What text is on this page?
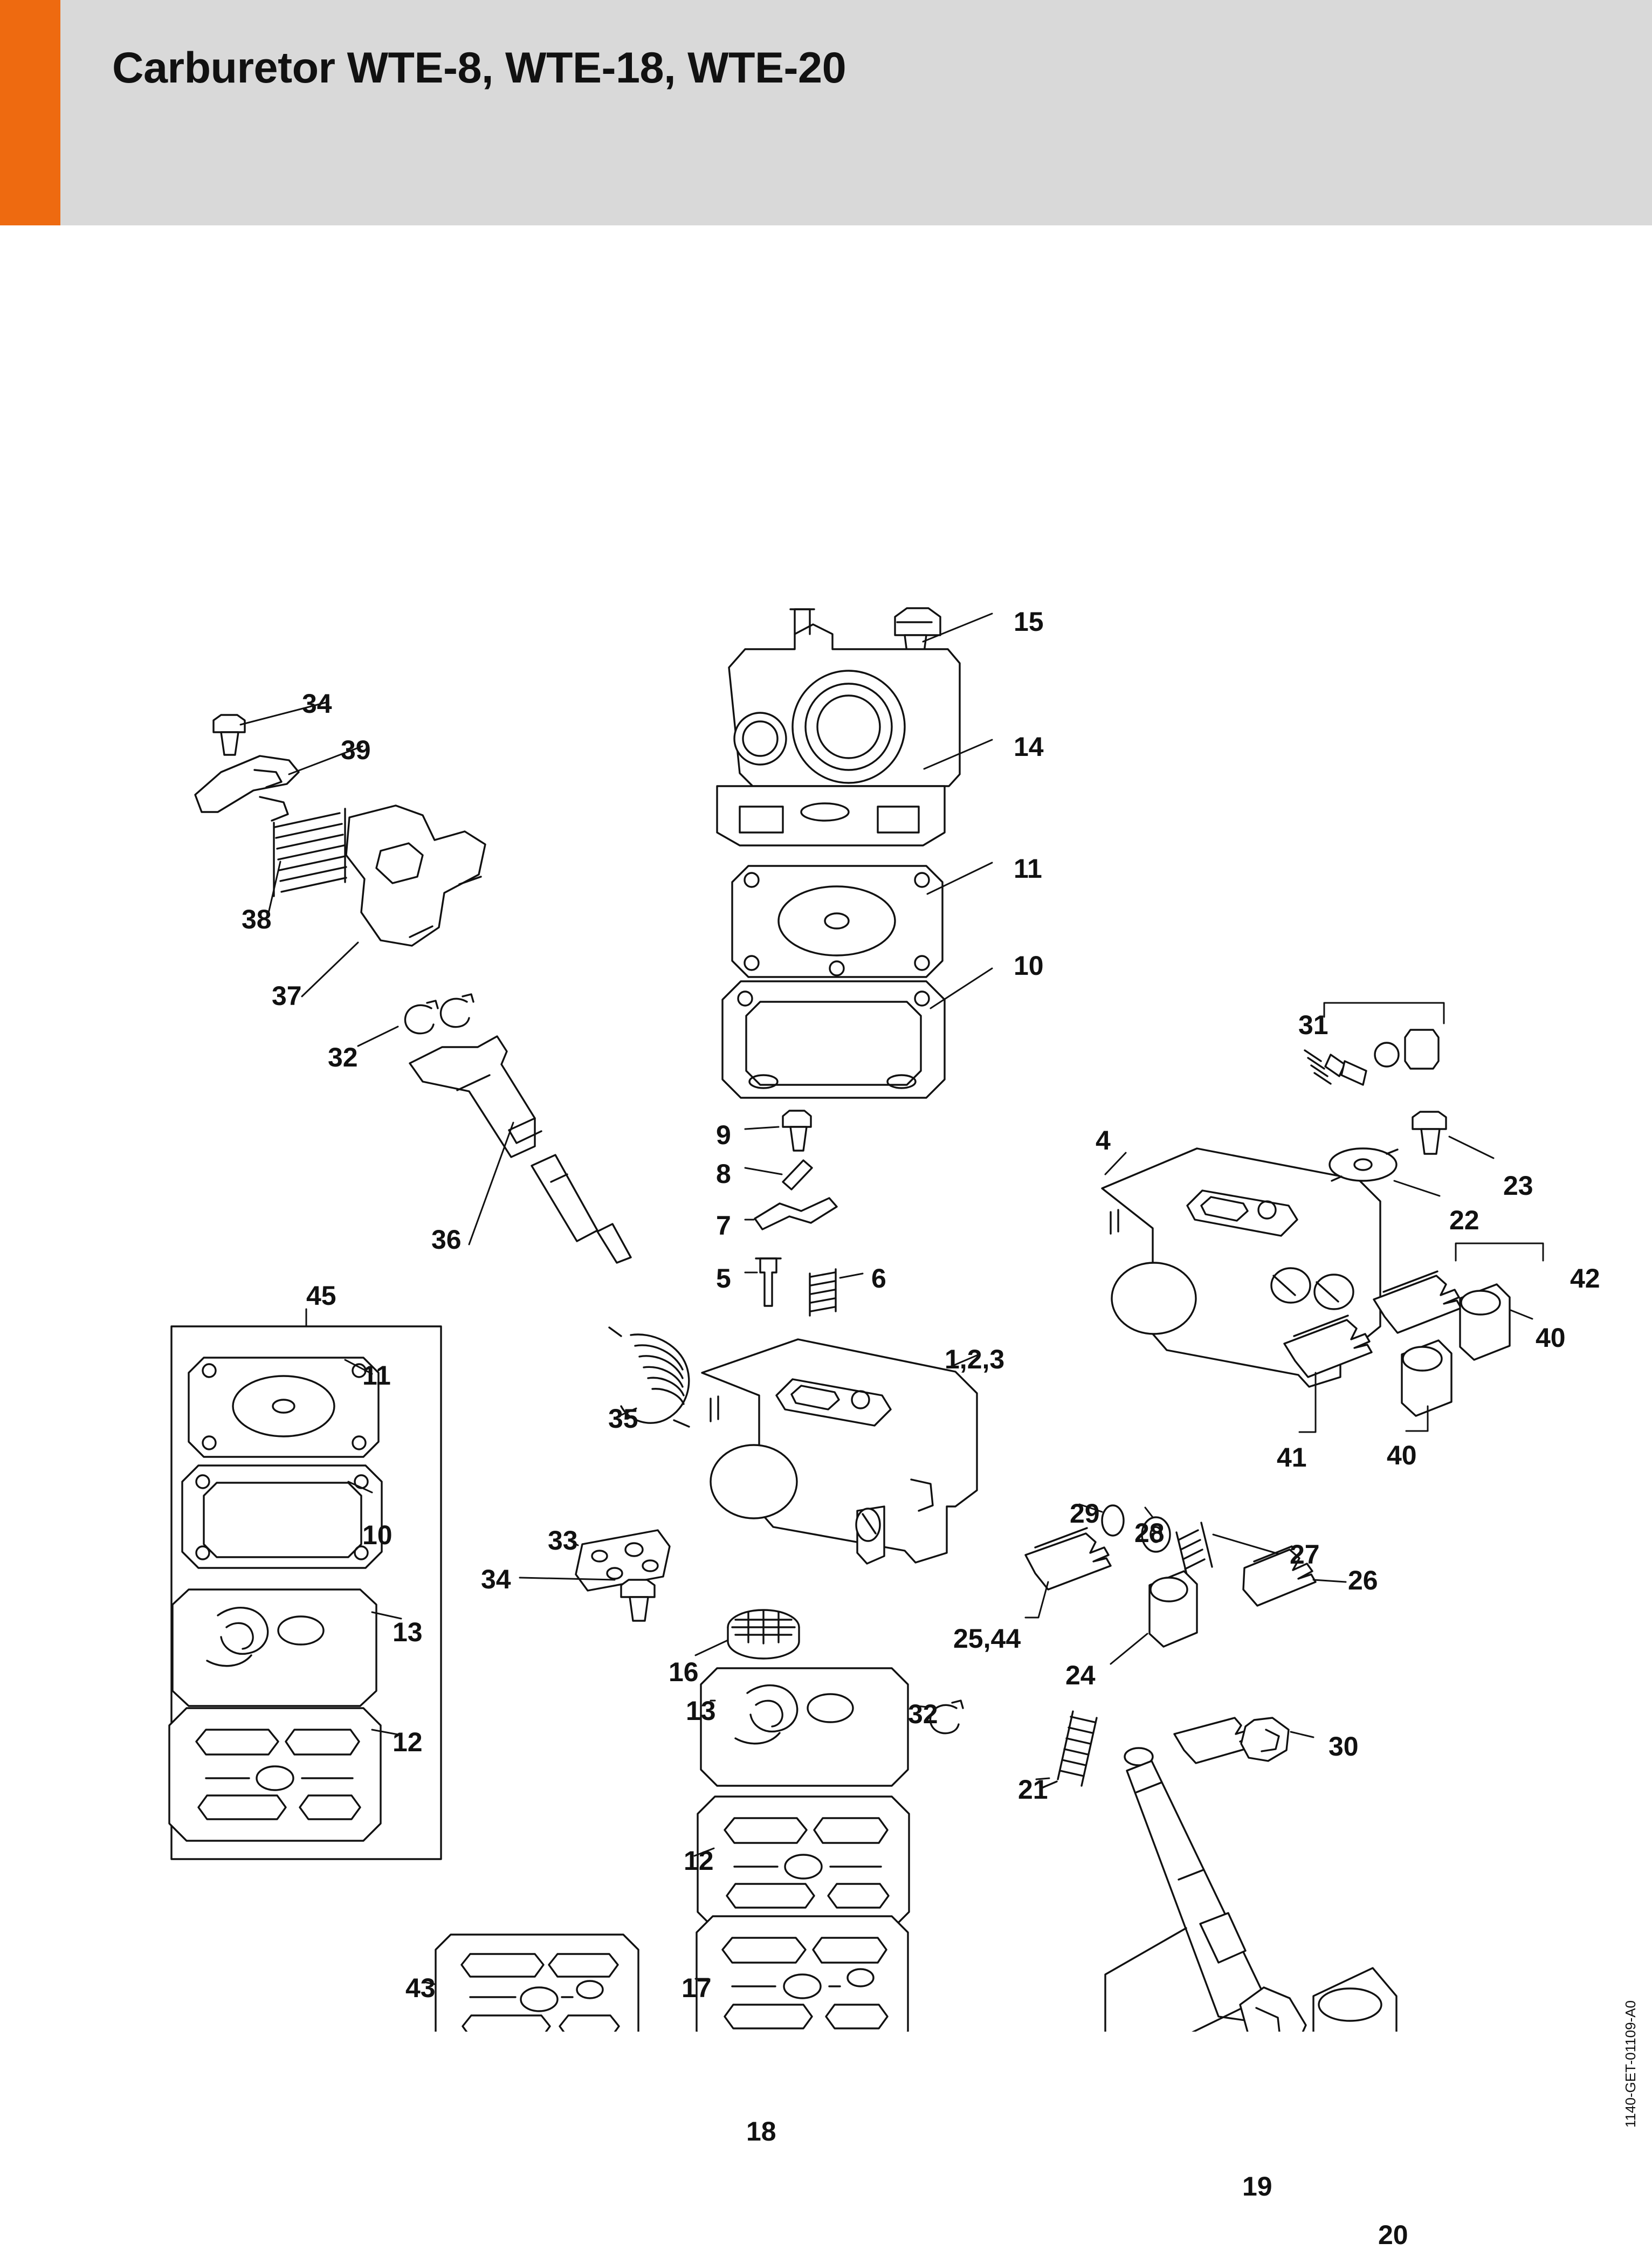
Carburetor WTE-8, WTE-18, WTE-20
15
34
14
39
11
38
10
37
31
32
9	4
8	23
22
7
36
5	6	42
45
40
1,2,3
11
41	40
35
29
10	28
27
33
34	26
13
16
25,44
24
12
13	32
21
30
12
43	17
18
19
20
1140-GET-01109-A0
